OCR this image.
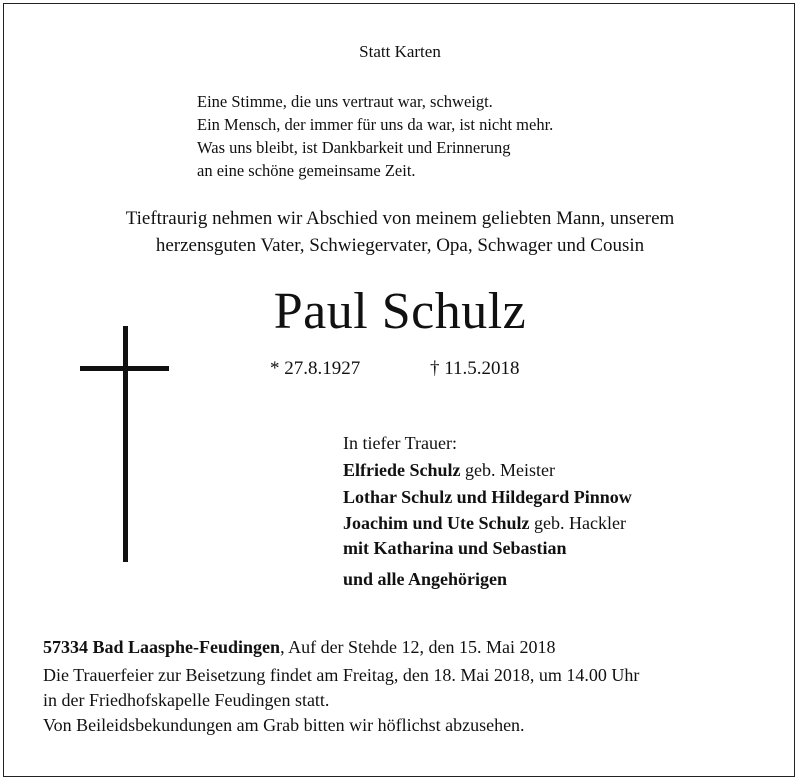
Statt Karten
Eine Stimme, die uns vertraut war, schweigt.
Ein Mensch, der immer für uns da war, ist nicht mehr.
Was uns bleibt, ist Dankbarkeit und Erinnerung
an eine schöne gemeinsame Zeit.
Tieftraurig nehmen wir Abschied von meinem geliebten Mann, unserem
herzensguten Vater, Schwiegervater, Opa, Schwager und Cousin
Paul Schulz
* 27.8.1927	† 11.5.2018
In tiefer Trauer:
Elfriede Schulz geb. Meister
Lothar Schulz und Hildegard Pinnow
Joachim und Ute Schulz geb. Hackler
mit Katharina und Sebastian
und alle Angehörigen
57334 Bad Laasphe-Feudingen, Auf der Stehde 12, den 15. Mai 2018
Die Trauerfeier zur Beisetzung findet am Freitag, den 18. Mai 2018, um 14.00 Uhr
in der Friedhofskapelle Feudingen statt.
Von Beileidsbekundungen am Grab bitten wir höflichst abzusehen.
